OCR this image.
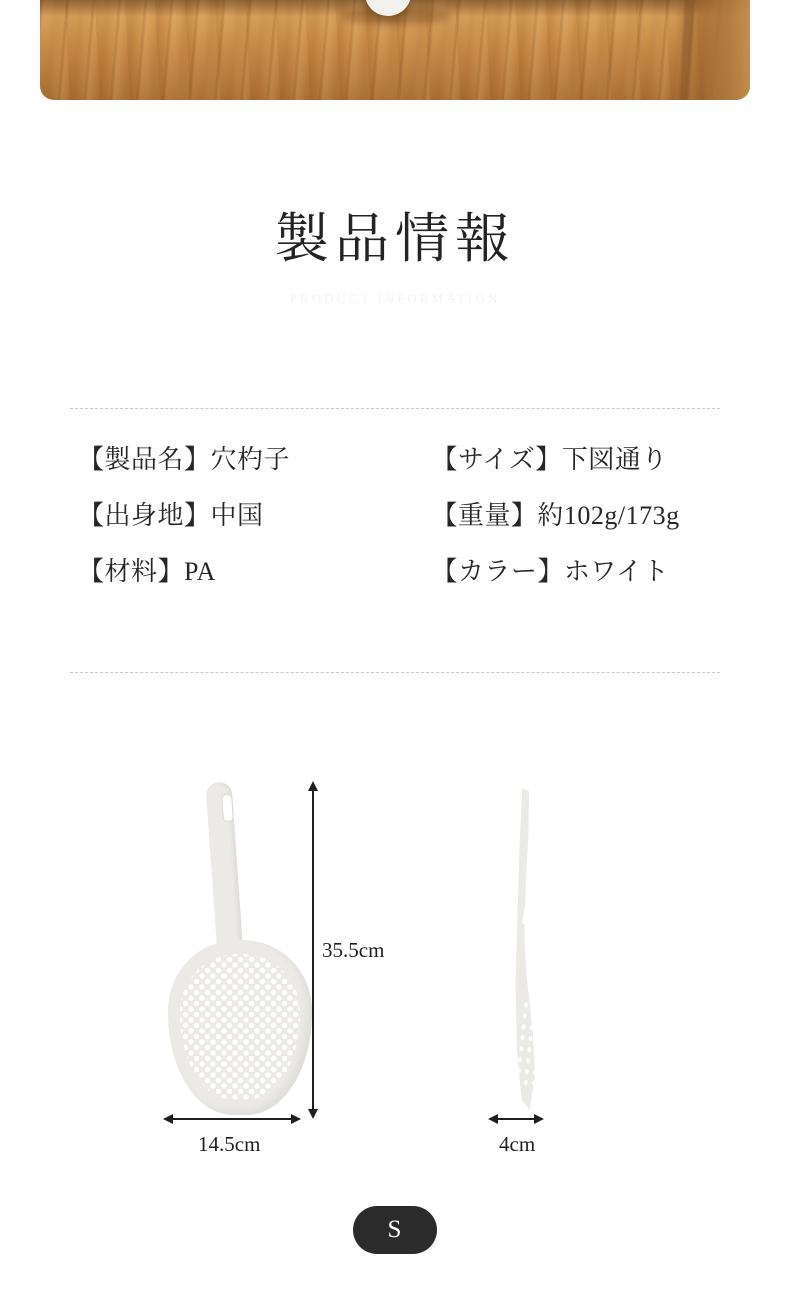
製品情報
PRODUCT INFORMATION
【製品名】穴杓子	【サイズ】下図通り
【出身地】中国	【重量】約102g/173g
【材料】PA	【カラー】ホワイト
35.5cm
14.5cm	4cm
S
